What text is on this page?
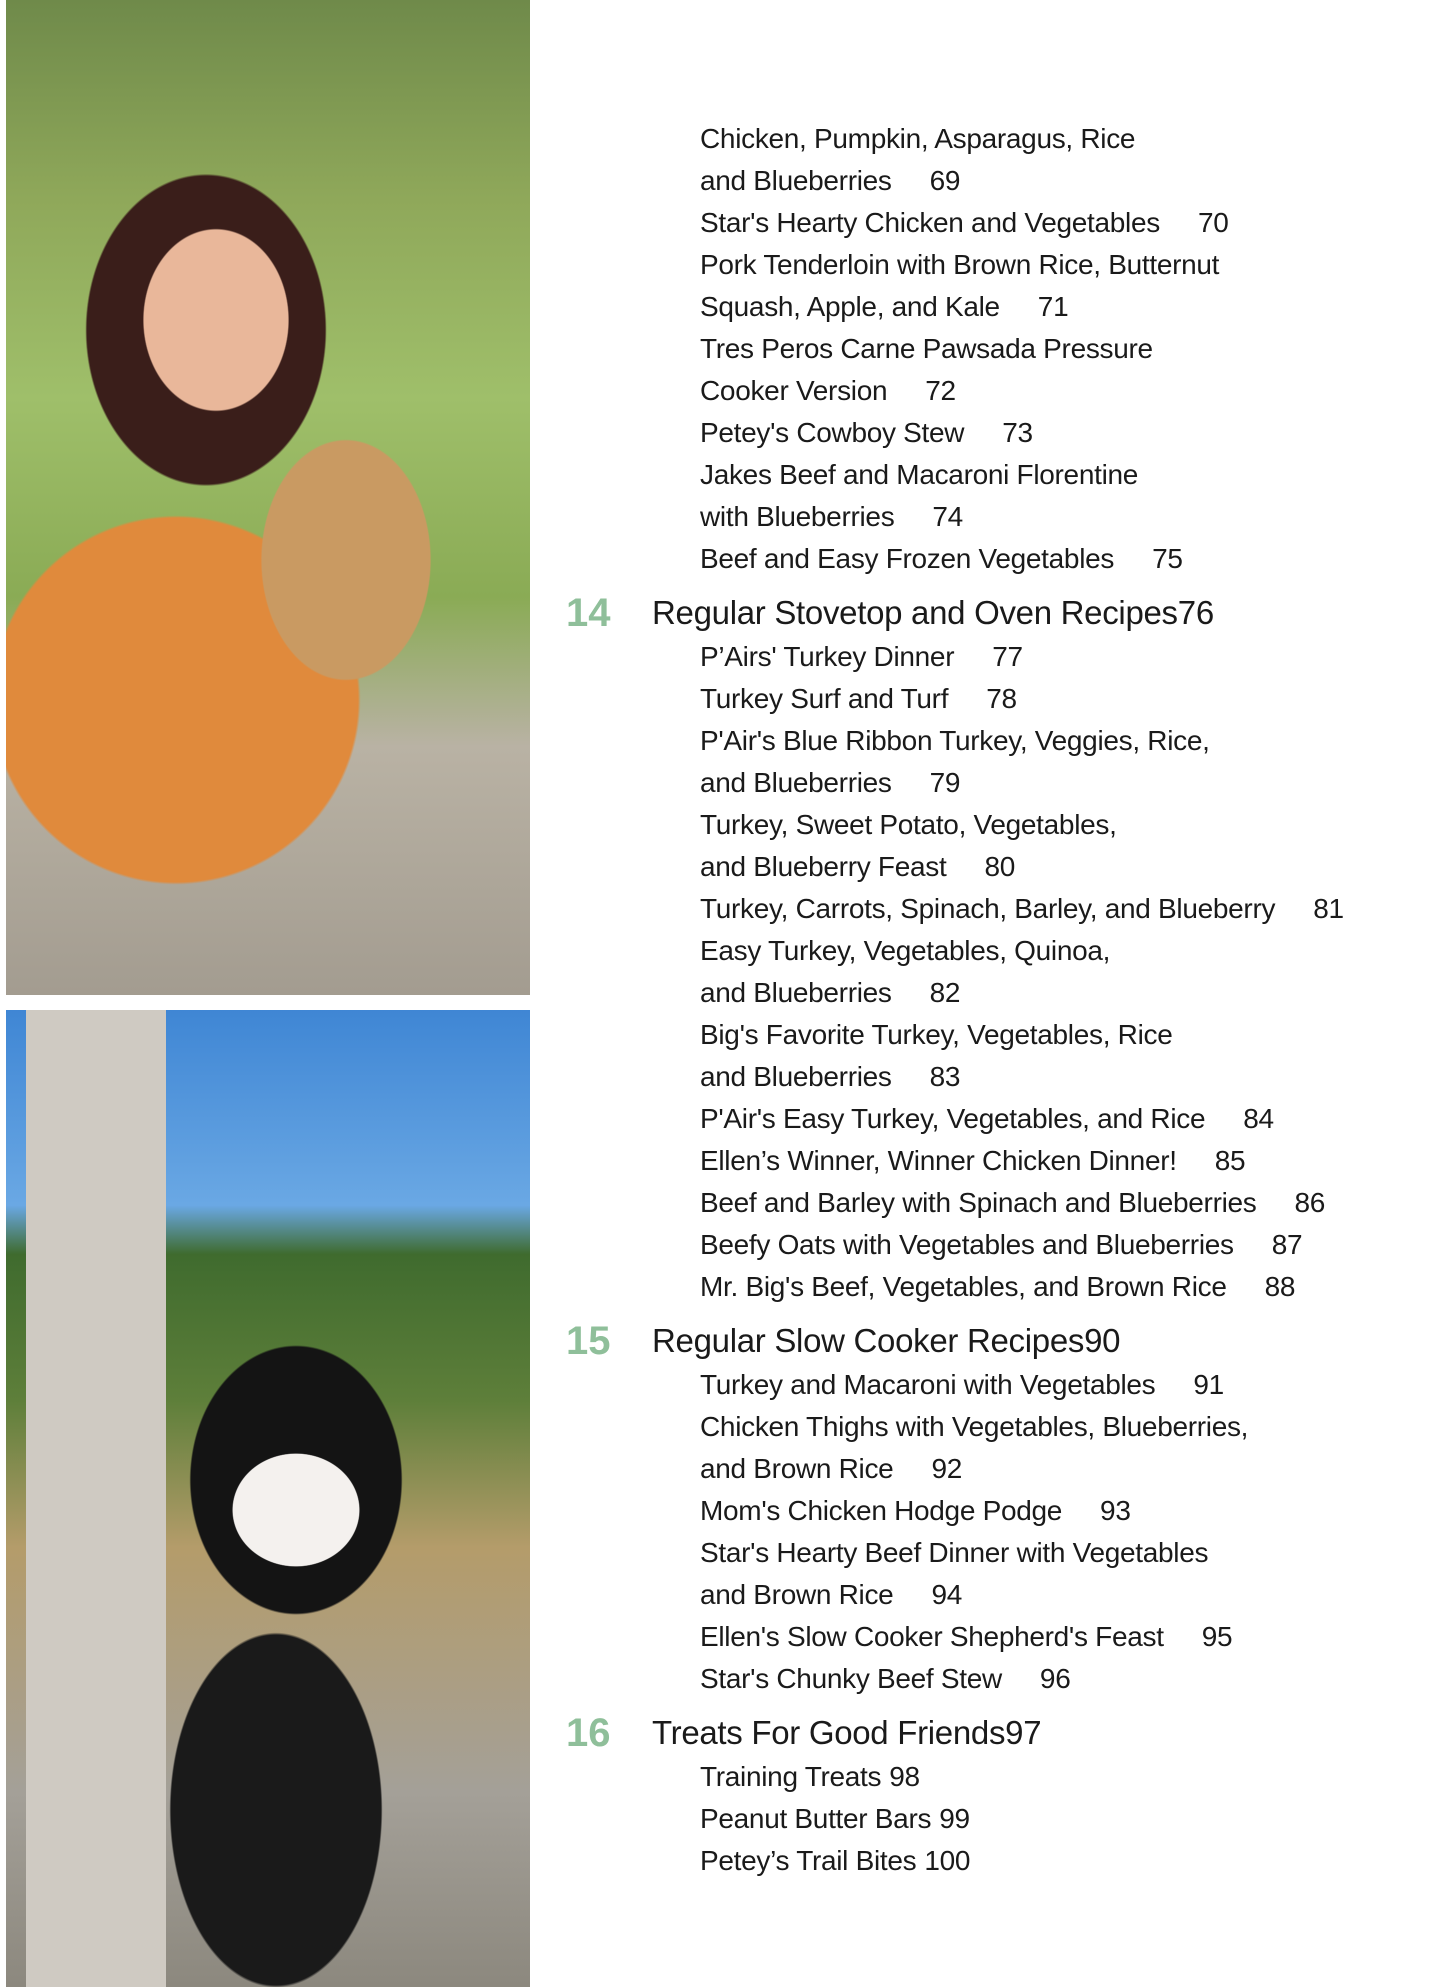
Chicken, Pumpkin, Asparagus, Rice
and Blueberries 69
Star's Hearty Chicken and Vegetables 70
Pork Tenderloin with Brown Rice, Butternut
Squash, Apple, and Kale 71
Tres Peros Carne Pawsada Pressure
Cooker Version 72
Petey's Cowboy Stew 73
Jakes Beef and Macaroni Florentine
with Blueberries 74
Beef and Easy Frozen Vegetables 75
14 Regular Stovetop and Oven Recipes76
P’Airs' Turkey Dinner 77
Turkey Surf and Turf 78
P'Air's Blue Ribbon Turkey, Veggies, Rice,
and Blueberries 79
Turkey, Sweet Potato, Vegetables,
and Blueberry Feast 80
Turkey, Carrots, Spinach, Barley, and Blueberry 81
Easy Turkey, Vegetables, Quinoa,
and Blueberries 82
Big's Favorite Turkey, Vegetables, Rice
and Blueberries 83
P'Air's Easy Turkey, Vegetables, and Rice 84
Ellen’s Winner, Winner Chicken Dinner! 85
Beef and Barley with Spinach and Blueberries 86
Beefy Oats with Vegetables and Blueberries 87
Mr. Big's Beef, Vegetables, and Brown Rice 88
15 Regular Slow Cooker Recipes90
Turkey and Macaroni with Vegetables 91
Chicken Thighs with Vegetables, Blueberries,
and Brown Rice 92
Mom's Chicken Hodge Podge 93
Star's Hearty Beef Dinner with Vegetables
and Brown Rice 94
Ellen's Slow Cooker Shepherd's Feast 95
Star's Chunky Beef Stew 96
16 Treats For Good Friends97
Training Treats 98
Peanut Butter Bars 99
Petey’s Trail Bites 100
